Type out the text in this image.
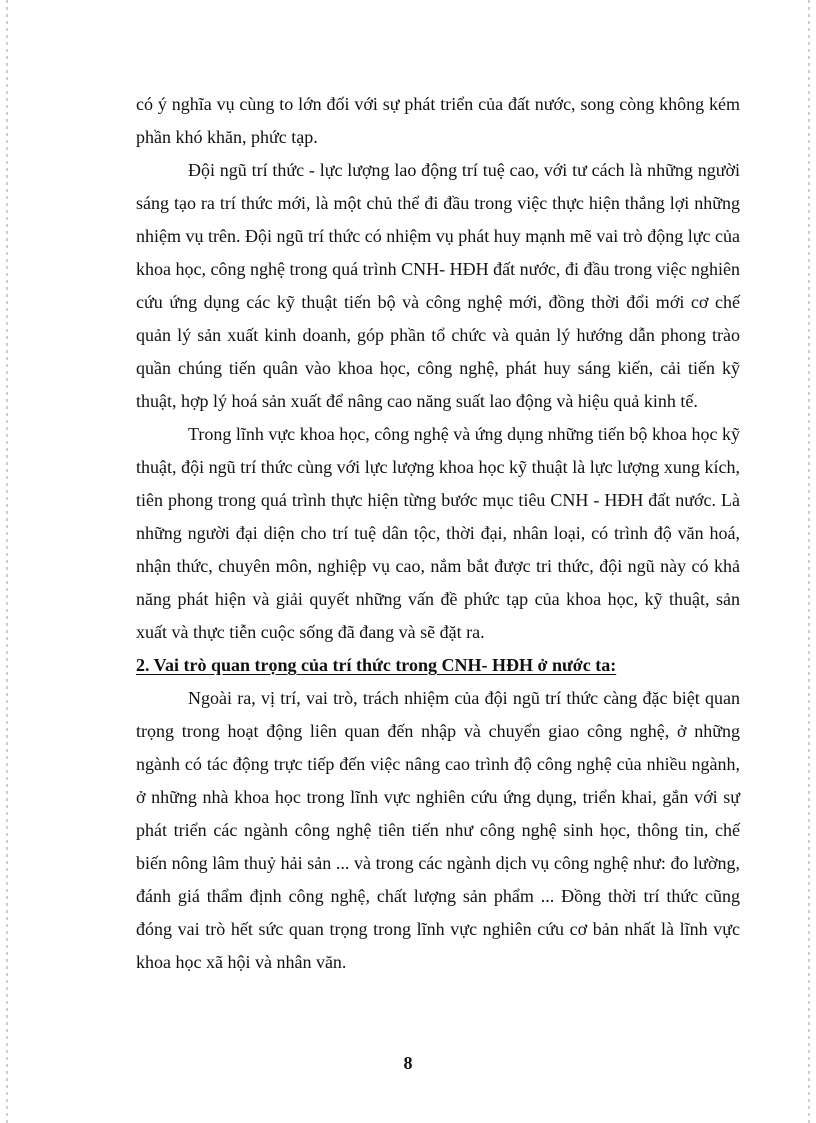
có ý nghĩa vụ cùng to lớn đối với sự phát triển của đất nước, song còng không kém phần khó khăn, phức tạp.

Đội ngũ trí thức - lực lượng lao động trí tuệ cao, với tư cách là những người sáng tạo ra trí thức mới, là một chủ thể đi đầu trong việc thực hiện thắng lợi những nhiệm vụ trên. Đội ngũ trí thức có nhiệm vụ phát huy mạnh mẽ vai trò động lực của khoa học, công nghệ trong quá trình CNH- HĐH đất nước, đi đầu trong việc nghiên cứu ứng dụng các kỹ thuật tiến bộ và công nghệ mới, đồng thời đổi mới cơ chế quản lý sản xuất kinh doanh, góp phần tổ chức và quản lý hướng dẫn phong trào quần chúng tiến quân vào khoa học, công nghệ, phát huy sáng kiến, cải tiến kỹ thuật, hợp lý hoá sản xuất để nâng cao năng suất lao động và hiệu quả kinh tế.

Trong lĩnh vực khoa học, công nghệ và ứng dụng những tiến bộ khoa học kỹ thuật, đội ngũ trí thức cùng với lực lượng khoa học kỹ thuật là lực lượng xung kích, tiên phong trong quá trình thực hiện từng bước mục tiêu CNH - HĐH đất nước. Là những người đại diện cho trí tuệ dân tộc, thời đại, nhân loại, có trình độ văn hoá, nhận thức, chuyên môn, nghiệp vụ cao, nắm bắt được tri thức, đội ngũ này có khả năng phát hiện và giải quyết những vấn đề phức tạp của khoa học, kỹ thuật, sản xuất và thực tiễn cuộc sống đã đang và sẽ đặt ra.

2. Vai trò quan trọng của trí thức trong CNH- HĐH ở nước ta:

Ngoài ra, vị trí, vai trò, trách nhiệm của đội ngũ trí thức càng đặc biệt quan trọng trong hoạt động liên quan đến nhập và chuyển giao công nghệ, ở những ngành có tác động trực tiếp đến việc nâng cao trình độ công nghệ của nhiều ngành, ở những nhà khoa học trong lĩnh vực nghiên cứu ứng dụng, triển khai, gắn với sự phát triển các ngành công nghệ tiên tiến như công nghệ sinh học, thông tin, chế biến nông lâm thuỷ hải sản ... và trong các ngành dịch vụ công nghệ như: đo lường, đánh giá thẩm định công nghệ, chất lượng sản phẩm ... Đồng thời trí thức cũng đóng vai trò hết sức quan trọng trong lĩnh vực nghiên cứu cơ bản nhất là lĩnh vực khoa học xã hội và nhân văn.

8
